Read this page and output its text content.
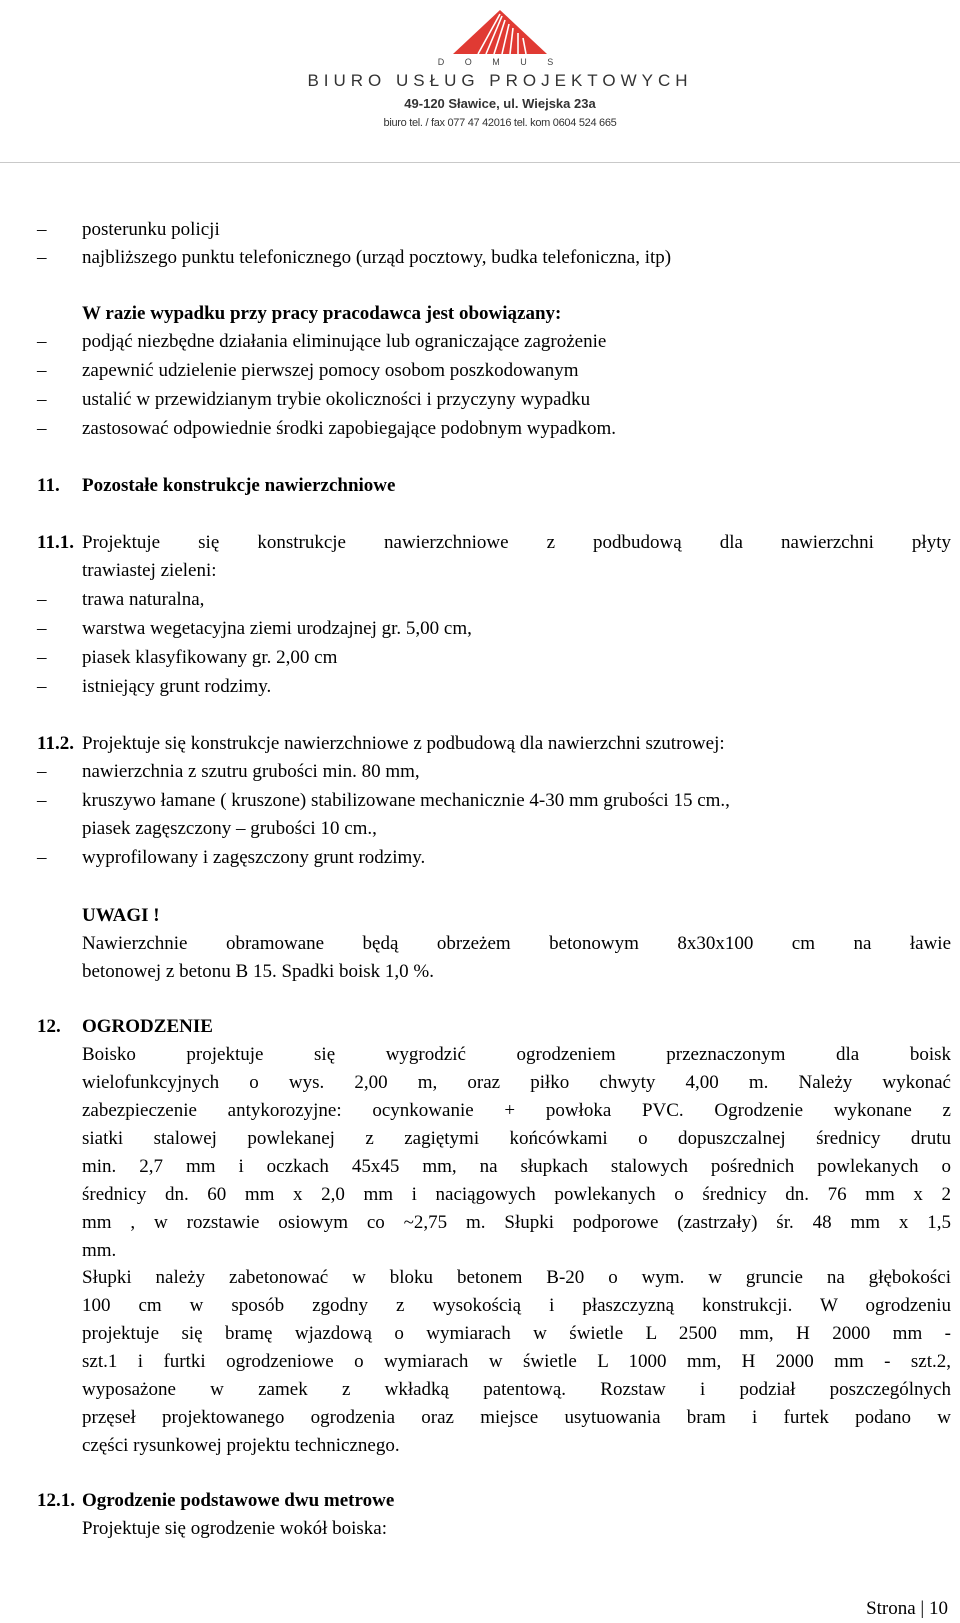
D O M U S
BIURO USŁUG PROJEKTOWYCH
49-120 Sławice, ul. Wiejska 23a
biuro tel. / fax 077 47 42016 tel. kom 0604 524 665
– posterunku policji
– najbliższego punktu telefonicznego (urząd pocztowy, budka telefoniczna, itp)
W razie wypadku przy pracy pracodawca jest obowiązany:
– podjąć niezbędne działania eliminujące lub ograniczające zagrożenie
– zapewnić udzielenie pierwszej pomocy osobom poszkodowanym
– ustalić w przewidzianym trybie okoliczności i przyczyny wypadku
– zastosować odpowiednie środki zapobiegające podobnym wypadkom.
11. Pozostałe konstrukcje nawierzchniowe
11.1. Projektuje się konstrukcje nawierzchniowe z podbudową dla nawierzchni płyty
trawiastej zieleni:
– trawa naturalna,
– warstwa wegetacyjna ziemi urodzajnej gr. 5,00 cm,
– piasek klasyfikowany gr. 2,00 cm
– istniejący grunt rodzimy.
11.2. Projektuje się konstrukcje nawierzchniowe z podbudową dla nawierzchni szutrowej:
– nawierzchnia z szutru grubości min. 80 mm,
– kruszywo łamane ( kruszone) stabilizowane mechanicznie 4-30 mm grubości 15 cm.,
piasek zagęszczony – grubości 10 cm.,
– wyprofilowany i zagęszczony grunt rodzimy.
UWAGI !
Nawierzchnie obramowane będą obrzeżem betonowym 8x30x100 cm na ławie
betonowej z betonu B 15. Spadki boisk 1,0 %.
12. OGRODZENIE
Boisko projektuje się wygrodzić ogrodzeniem przeznaczonym dla boisk
wielofunkcyjnych o wys. 2,00 m, oraz piłko chwyty 4,00 m. Należy wykonać
zabezpieczenie antykorozyjne: ocynkowanie + powłoka PVC. Ogrodzenie wykonane z
siatki stalowej powlekanej z zagiętymi końcówkami o dopuszczalnej średnicy drutu
min. 2,7 mm i oczkach 45x45 mm, na słupkach stalowych pośrednich powlekanych o
średnicy dn. 60 mm x 2,0 mm i naciągowych powlekanych o średnicy dn. 76 mm x 2
mm , w rozstawie osiowym co ~2,75 m. Słupki podporowe (zastrzały) śr. 48 mm x 1,5
mm.
Słupki należy zabetonować w bloku betonem B-20 o wym. w gruncie na głębokości
100 cm w sposób zgodny z wysokością i płaszczyzną konstrukcji. W ogrodzeniu
projektuje się bramę wjazdową o wymiarach w świetle L 2500 mm, H 2000 mm -
szt.1 i furtki ogrodzeniowe o wymiarach w świetle L 1000 mm, H 2000 mm - szt.2,
wyposażone w zamek z wkładką patentową. Rozstaw i podział poszczególnych
przęseł projektowanego ogrodzenia oraz miejsce usytuowania bram i furtek podano w
części rysunkowej projektu technicznego.
12.1. Ogrodzenie podstawowe dwu metrowe
Projektuje się ogrodzenie wokół boiska:
Strona | 10
